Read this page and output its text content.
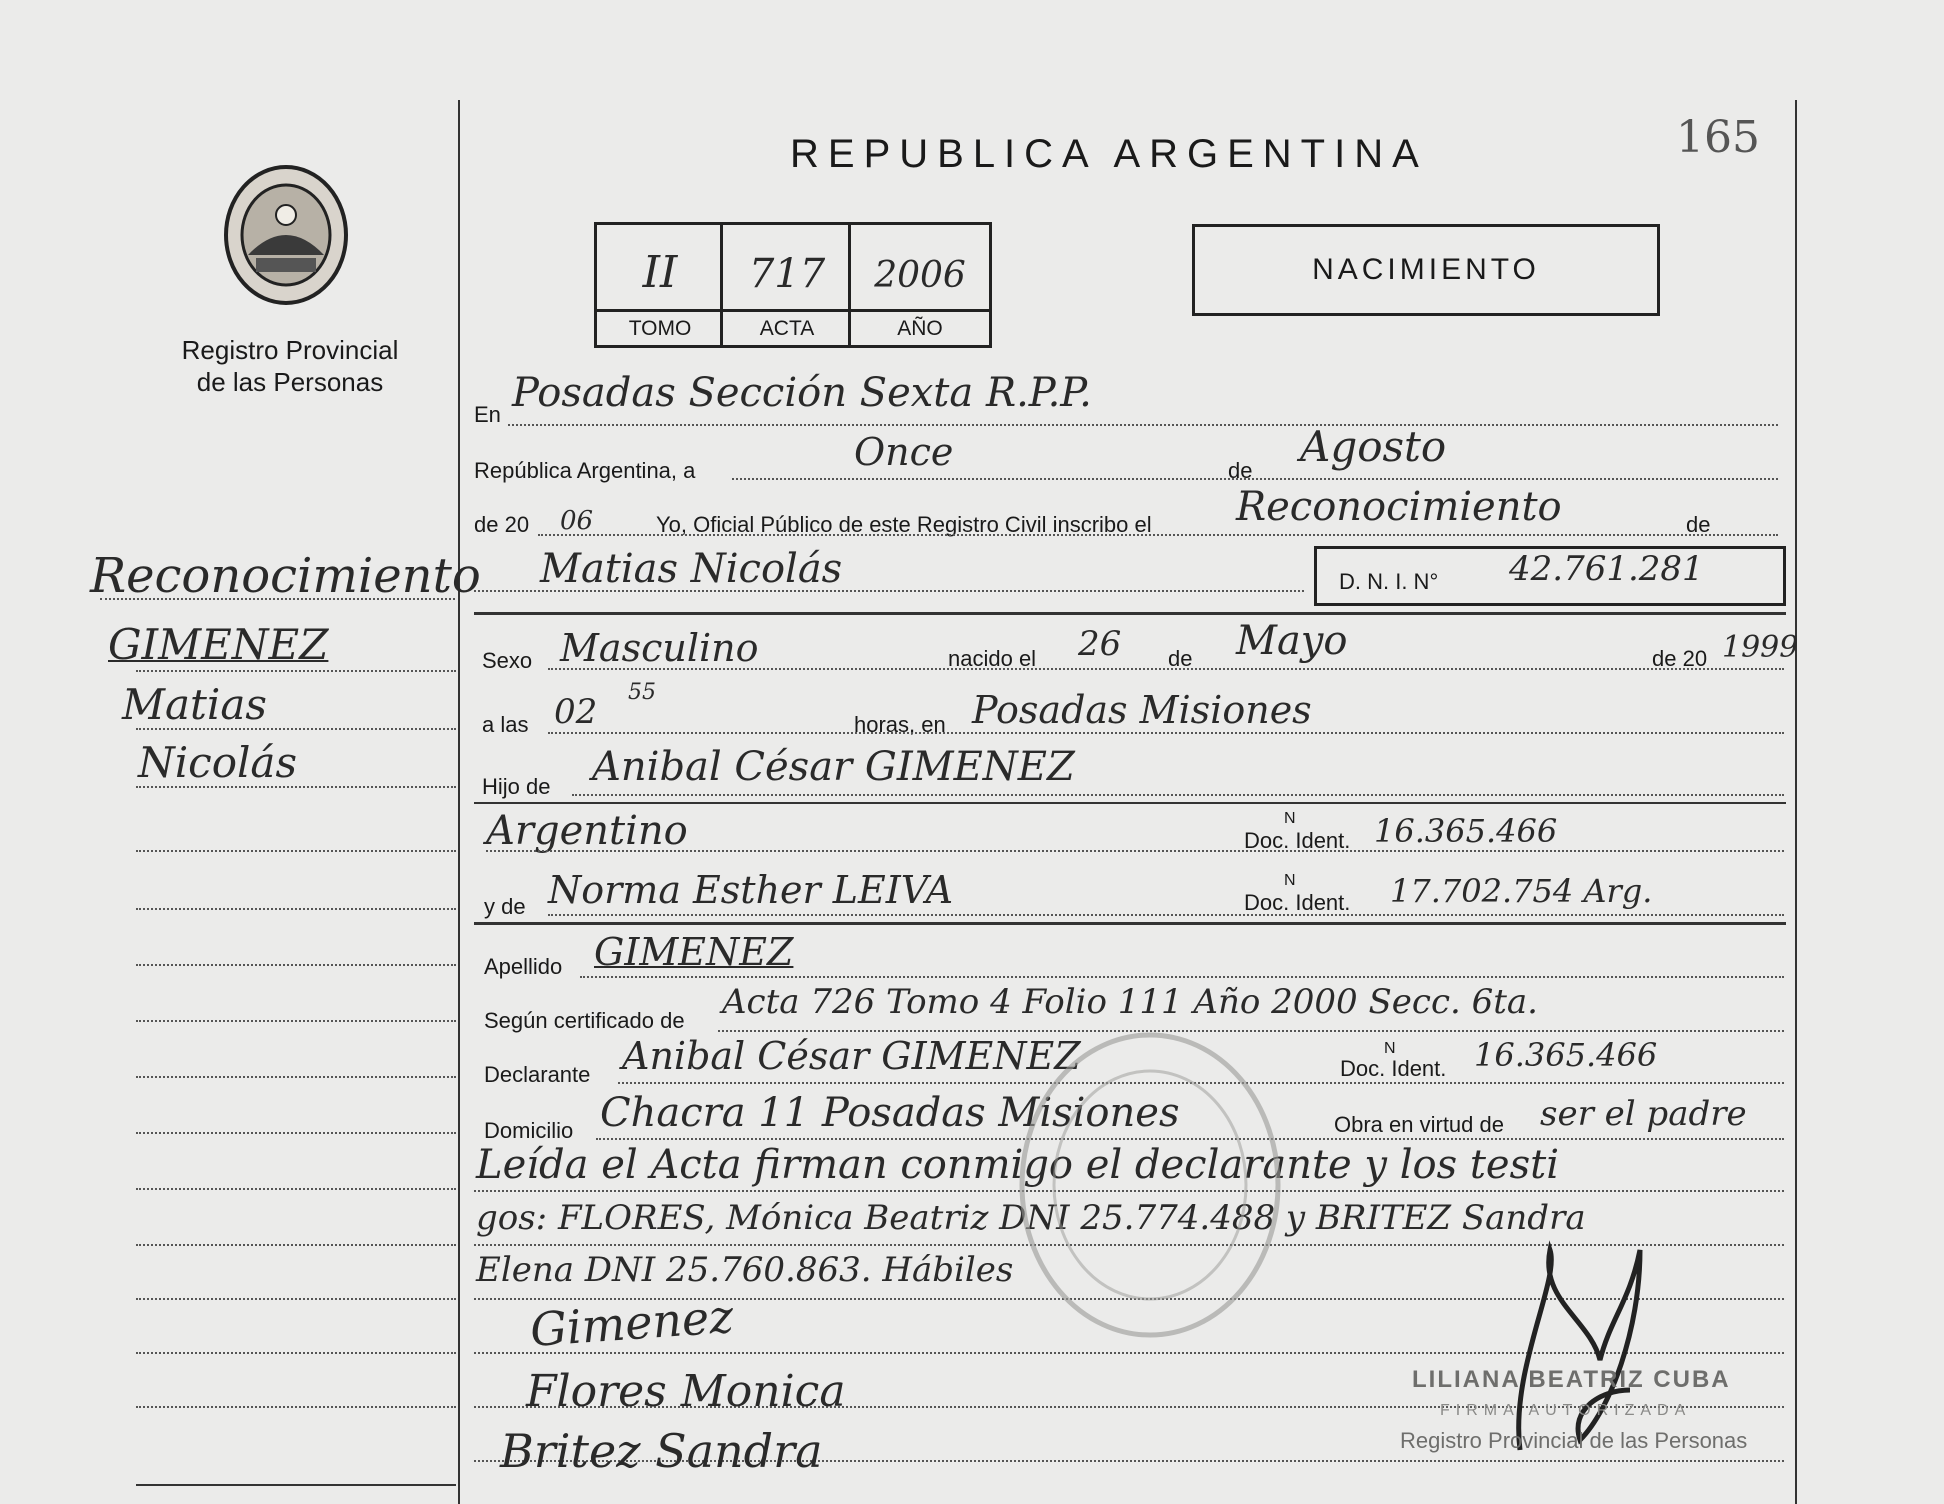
Registro Provincial
de las Personas
Reconocimiento
GIMENEZ
Matias
Nicolás
REPUBLICA ARGENTINA	165
II	717	2006
TOMO	ACTA	AÑO
NACIMIENTO
En Posadas Sección Sexta R.P.P.
República Argentina, a	Once	de Agosto
de 20 06	Yo, Oficial Público de este Registro Civil inscribo el Reconocimiento	de
Matias Nicolás	D. N. I. N° 42.761.281
Sexo Masculino	nacido el 26 de Mayo	de 20 1999
a las 02 55
horas, en Posadas Misiones
Hijo de Anibal César GIMENEZ
Argentino	N
Doc. Ident. 16.365.466
y de Norma Esther LEIVA	N
Doc. Ident. 17.702.754 Arg.
Apellido GIMENEZ
Según certificado de Acta 726 Tomo 4 Folio 111 Año 2000 Secc. 6ta.
Declarante Anibal César GIMENEZ	N
Doc. Ident. 16.365.466
Domicilio Chacra 11 Posadas Misiones	Obra en virtud de ser el padre
Leída el Acta firman conmigo el declarante y los testi
gos: FLORES, Mónica Beatriz DNI 25.774.488 y BRITEZ Sandra
Elena DNI 25.760.863. Hábiles
Gimenez
Flores Monica
Britez Sandra
LILIANA BEATRIZ CUBA
FIRMA AUTORIZADA
Registro Provincial de las Personas
